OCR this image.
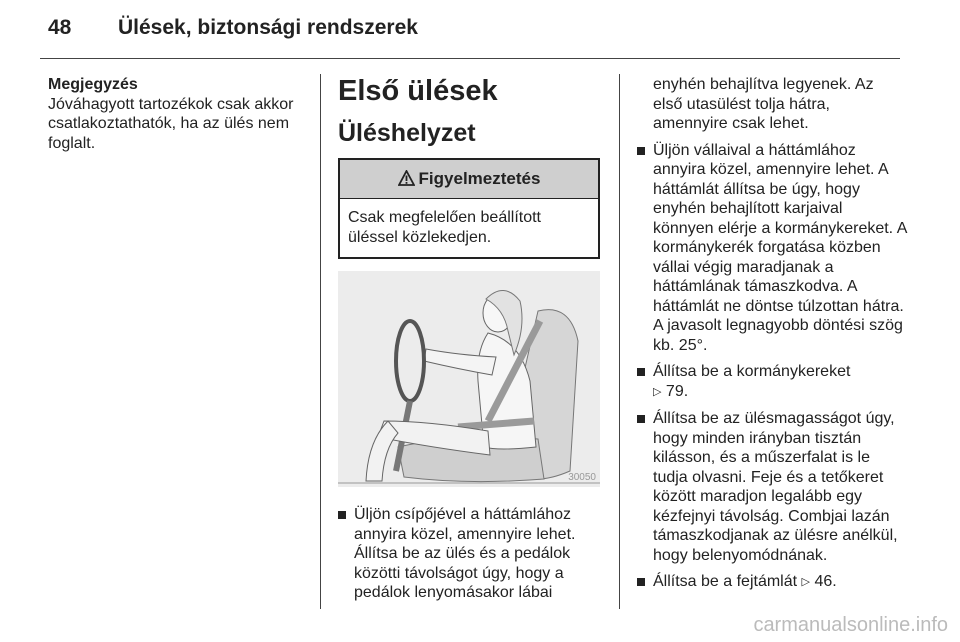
48 Ülések, biztonsági rendszerek
Megjegyzés
Jóváhagyott tartozékok csak akkor csatlakoztathatók, ha az ülés nem foglalt.
Első ülések
Üléshelyzet
Figyelmeztetés
Csak megfelelően beállított üléssel közlekedjen.
30050
Üljön csípőjével a háttámlához annyira közel, amennyire lehet. Állítsa be az ülés és a pedálok közötti távolságot úgy, hogy a pedálok lenyomásakor lábai
enyhén behajlítva legyenek. Az első utasülést tolja hátra, amennyire csak lehet.
Üljön vállaival a háttámlához annyira közel, amennyire lehet. A háttámlát állítsa be úgy, hogy enyhén behajlított karjaival könnyen elérje a kormánykereket. A kormánykerék forgatása közben vállai végig maradjanak a háttámlának támaszkodva. A háttámlát ne döntse túlzottan hátra. A javasolt legnagyobb döntési szög kb. 25°.
Állítsa be a kormánykereket
▷ 79.
Állítsa be az ülésmagasságot úgy, hogy minden irányban tisztán kilásson, és a műszerfalat is le tudja olvasni. Feje és a tetőkeret között maradjon legalább egy kézfejnyi távolság. Combjai lazán támaszkodjanak az ülésre anélkül, hogy belenyomódnának.
Állítsa be a fejtámlát ▷ 46.
carmanualsonline.info
